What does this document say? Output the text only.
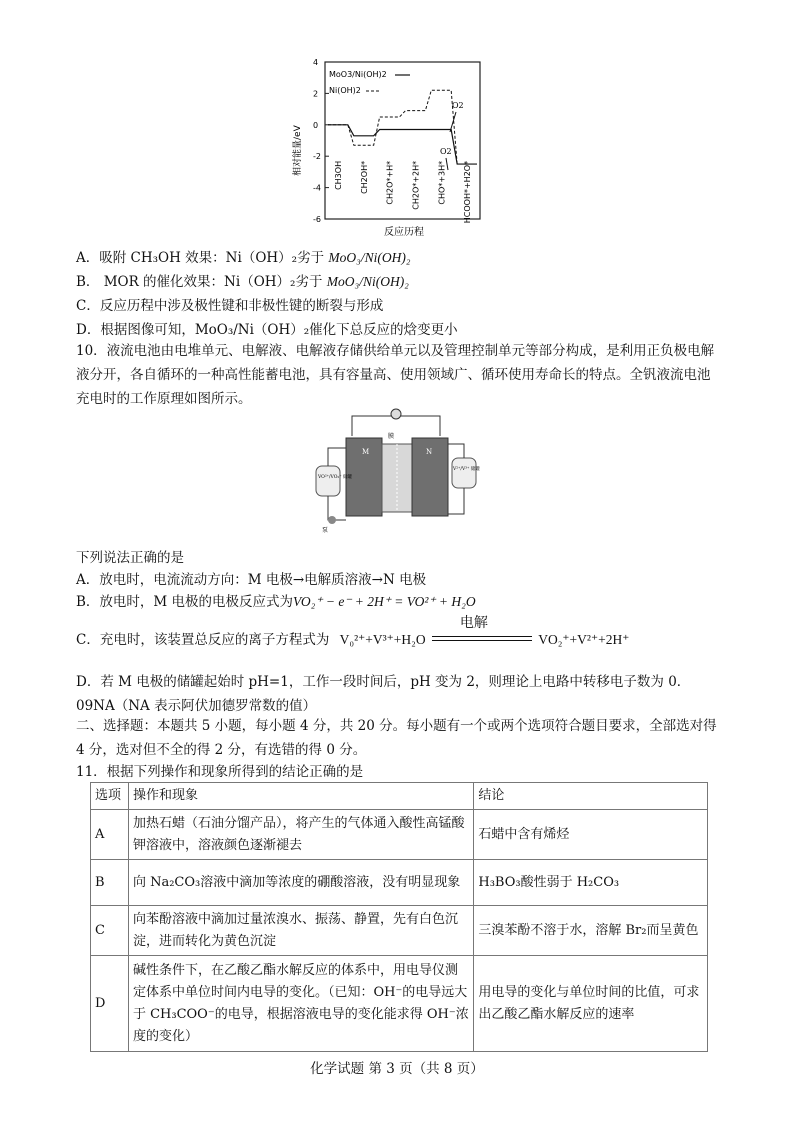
4
2
0
-2
-4
-6
相对能量/eV
反应历程
MoO3/Ni(OH)2
Ni(OH)2
CH3OH CH2OH* CH2O*+H* CH2O*+2H* CHO*+3H* HCOOH*+H2O*
O2
O2
A．吸附 CH₃OH 效果：Ni（OH）₂劣于 MoO₃/Ni(OH)₂
B． MOR 的催化效果：Ni（OH）₂劣于 MoO₃/Ni(OH)₂
C．反应历程中涉及极性键和非极性键的断裂与形成
D．根据图像可知，MoO₃/Ni（OH）₂催化下总反应的焓变更小
10．液流电池由电堆单元、电解液、电解液存储供给单元以及管理控制单元等部分构成，是利用正负极电解液分开，各自循环的一种高性能蓄电池，具有容量高、使用领域广、循环使用寿命长的特点。全钒液流电池充电时的工作原理如图所示。
膜
M	N
VO²⁺/VO₂⁺ 储罐
V²⁺/V³⁺ 储罐
泵
下列说法正确的是
A．放电时，电流流动方向：M 电极→电解质溶液→N 电极
B．放电时，M 电极的电极反应式为VO₂⁺ − e⁻ + 2H⁺ = VO²⁺ + H₂O
C．充电时，该装置总反应的离子方程式为 V₀²⁺+V³⁺+H₂O
电解
VO₂⁺+V²⁺+2H⁺
D．若 M 电极的储罐起始时 pH=1，工作一段时间后，pH 变为 2，则理论上电路中转移电子数为 0．09NA（NA 表示阿伏加德罗常数的值）
二、选择题：本题共 5 小题，每小题 4 分，共 20 分。每小题有一个或两个选项符合题目要求，全部选对得 4 分，选对但不全的得 2 分，有选错的得 0 分。
11．根据下列操作和现象所得到的结论正确的是
选项	操作和现象	结论
A	加热石蜡（石油分馏产品），将产生的气体通入酸性高锰酸钾溶液中，溶液颜色逐渐褪去	石蜡中含有烯烃
B	向 Na₂CO₃溶液中滴加等浓度的硼酸溶液，没有明显现象	H₃BO₃酸性弱于 H₂CO₃
C	向苯酚溶液中滴加过量浓溴水、振荡、静置，先有白色沉淀，进而转化为黄色沉淀	三溴苯酚不溶于水，溶解 Br₂而呈黄色
D	碱性条件下，在乙酸乙酯水解反应的体系中，用电导仪测定体系中单位时间内电导的变化。（已知：OH⁻的电导远大于 CH₃COO⁻的电导，根据溶液电导的变化能求得 OH⁻浓度的变化）	用电导的变化与单位时间的比值，可求出乙酸乙酯水解反应的速率
化学试题 第 3 页（共 8 页）
